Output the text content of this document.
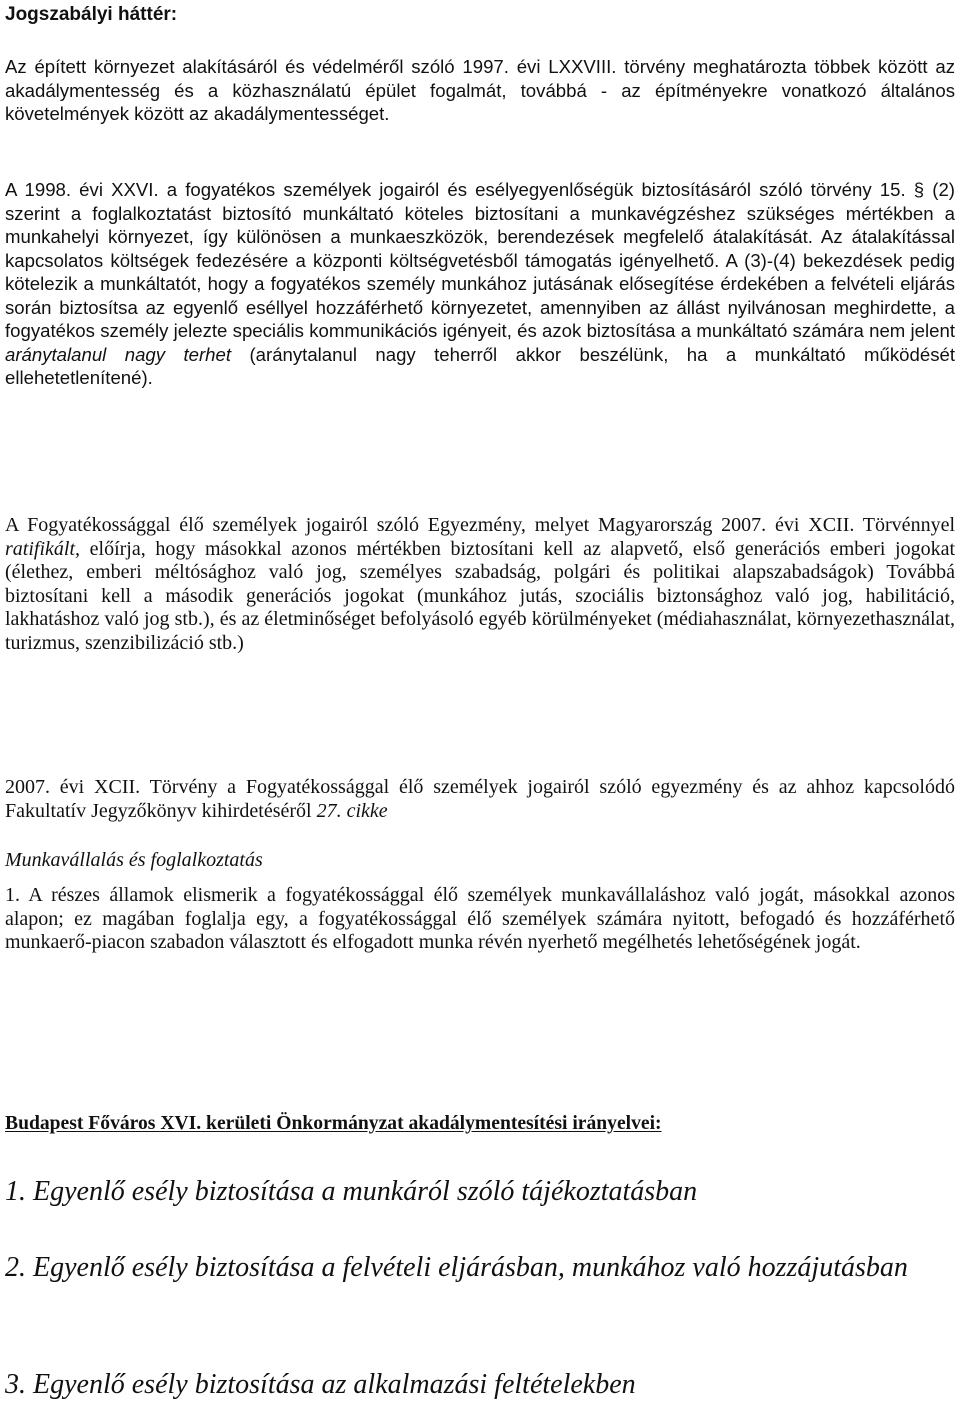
Jogszabályi háttér:

Az épített környezet alakításáról és védelméről szóló 1997. évi LXXVIII. törvény meghatározta többek között az akadálymentesség és a közhasználatú épület fogalmát, továbbá - az építményekre vonatkozó általános követelmények között az akadálymentességet.

A 1998. évi XXVI. a fogyatékos személyek jogairól és esélyegyenlőségük biztosításáról szóló törvény 15. § (2) szerint a foglalkoztatást biztosító munkáltató köteles biztosítani a munkavégzéshez szükséges mértékben a munkahelyi környezet, így különösen a munkaeszközök, berendezések megfelelő átalakítását. Az átalakítással kapcsolatos költségek fedezésére a központi költségvetésből támogatás igényelhető. A (3)-(4) bekezdések pedig kötelezik a munkáltatót, hogy a fogyatékos személy munkához jutásának elősegítése érdekében a felvételi eljárás során biztosítsa az egyenlő eséllyel hozzáférhető környezetet, amennyiben az állást nyilvánosan meghirdette, a fogyatékos személy jelezte speciális kommunikációs igényeit, és azok biztosítása a munkáltató számára nem jelent aránytalanul nagy terhet (aránytalanul nagy teherről akkor beszélünk, ha a munkáltató működését ellehetetlenítené).

A Fogyatékossággal élő személyek jogairól szóló Egyezmény, melyet Magyarország 2007. évi XCII. Törvénnyel ratifikált, előírja, hogy másokkal azonos mértékben biztosítani kell az alapvető, első generációs emberi jogokat (élethez, emberi méltósághoz való jog, személyes szabadság, polgári és politikai alapszabadságok) Továbbá biztosítani kell a második generációs jogokat (munkához jutás, szociális biztonsághoz való jog, habilitáció, lakhatáshoz való jog stb.), és az életminőséget befolyásoló egyéb körülményeket (médiahasználat, környezethasználat, turizmus, szenzibilizáció stb.)

2007. évi XCII. Törvény a Fogyatékossággal élő személyek jogairól szóló egyezmény és az ahhoz kapcsolódó Fakultatív Jegyzőkönyv kihirdetéséről 27. cikke

Munkavállalás és foglalkoztatás

1. A részes államok elismerik a fogyatékossággal élő személyek munkavállaláshoz való jogát, másokkal azonos alapon; ez magában foglalja egy, a fogyatékossággal élő személyek számára nyitott, befogadó és hozzáférhető munkaerő-piacon szabadon választott és elfogadott munka révén nyerhető megélhetés lehetőségének jogát.

Budapest Főváros XVI. kerületi Önkormányzat akadálymentesítési irányelvei:

1. Egyenlő esély biztosítása a munkáról szóló tájékoztatásban

2. Egyenlő esély biztosítása a felvételi eljárásban, munkához való hozzájutásban

3. Egyenlő esély biztosítása az alkalmazási feltételekben
